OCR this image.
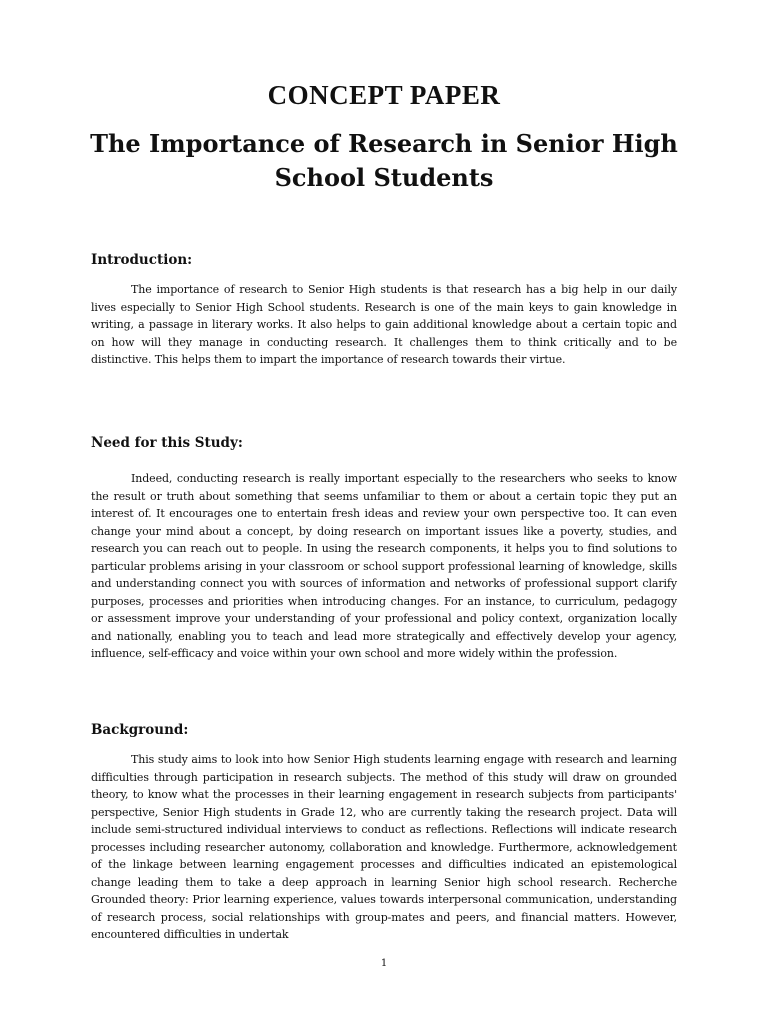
CONCEPT PAPER
The Importance of Research in Senior High School Students
Introduction:

The importance of research to Senior High students is that research has a big help in our daily lives especially to Senior High School students. Research is one of the main keys to gain knowledge in writing, a passage in literary works. It also helps to gain additional knowledge about a certain topic and on how will they manage in conducting research. It challenges them to think critically and to be distinctive. This helps them to impart the importance of research towards their virtue.

Need for this Study:

Indeed, conducting research is really important especially to the researchers who seeks to know the result or truth about something that seems unfamiliar to them or about a certain topic they put an interest of. It encourages one to entertain fresh ideas and review your own perspective too. It can even change your mind about a concept, by doing research on important issues like a poverty, studies, and research you can reach out to people. In using the research components, it helps you to find solutions to particular problems arising in your classroom or school support professional learning of knowledge, skills and understanding connect you with sources of information and networks of professional support clarify purposes, processes and priorities when introducing changes. For an instance, to curriculum, pedagogy or assessment improve your understanding of your professional and policy context, organization locally and nationally, enabling you to teach and lead more strategically and effectively develop your agency, influence, self-efficacy and voice within your own school and more widely within the profession.

Background:

This study aims to look into how Senior High students learning engage with research and learning difficulties through participation in research subjects. The method of this study will draw on grounded theory, to know what the processes in their learning engagement in research subjects from participants' perspective, Senior High students in Grade 12, who are currently taking the research project. Data will include semi-structured individual interviews to conduct as reflections. Reflections will indicate research processes including researcher autonomy, collaboration and knowledge. Furthermore, acknowledgement of the linkage between learning engagement processes and difficulties indicated an epistemological change leading them to take a deep approach in learning Senior high school research. Recherche Grounded theory: Prior learning experience, values towards interpersonal communication, understanding of research process, social relationships with group-mates and peers, and financial matters. However, encountered difficulties in undertak

1
